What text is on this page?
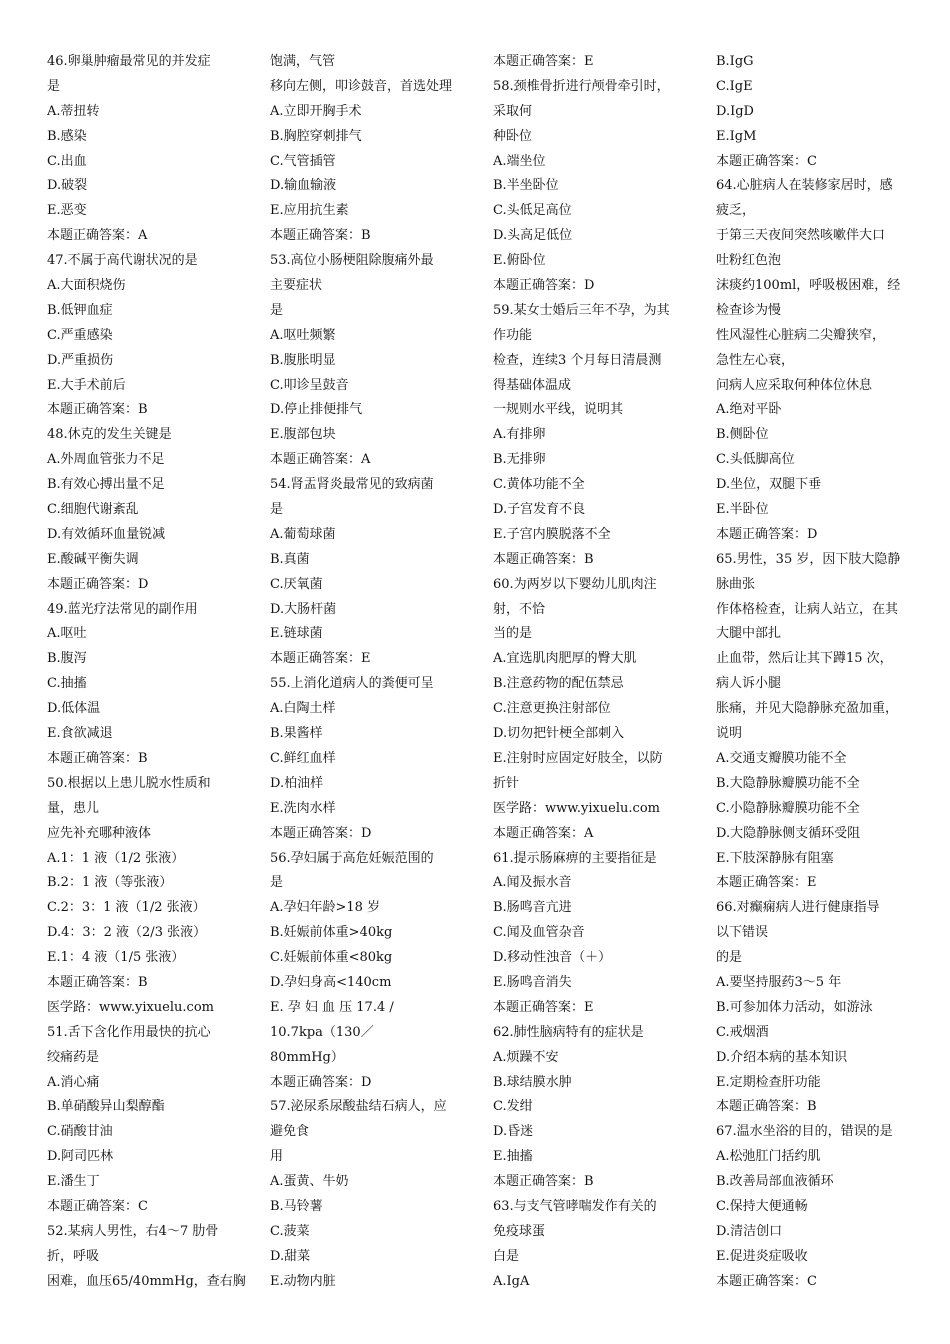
46.卵巢肿瘤最常见的并发症
是
A.蒂扭转
B.感染
C.出血
D.破裂
E.恶变
本题正确答案：A
47.不属于高代谢状况的是
A.大面积烧伤
B.低钾血症
C.严重感染
D.严重损伤
E.大手术前后
本题正确答案：B
48.休克的发生关键是
A.外周血管张力不足
B.有效心搏出量不足
C.细胞代谢紊乱
D.有效循环血量锐减
E.酸碱平衡失调
本题正确答案：D
49.蓝光疗法常见的副作用
A.呕吐
B.腹泻
C.抽搐
D.低体温
E.食欲减退
本题正确答案：B
50.根据以上患儿脱水性质和
量，患儿
应先补充哪种液体
A.1：1 液（1/2 张液）
B.2：1 液（等张液）
C.2：3：1 液（1/2 张液）
D.4：3：2 液（2/3 张液）
E.1：4 液（1/5 张液）
本题正确答案：B
医学路：www.yixuelu.com
51.舌下含化作用最快的抗心
绞痛药是
A.消心痛
B.单硝酸异山梨醇酯
C.硝酸甘油
D.阿司匹林
E.潘生丁
本题正确答案：C
52.某病人男性，右4～7 肋骨
折，呼吸
困难，血压65/40mmHg，查右胸
饱满，气管
移向左侧，叩诊鼓音，首选处理
A.立即开胸手术
B.胸腔穿刺排气
C.气管插管
D.输血输液
E.应用抗生素
本题正确答案：B
53.高位小肠梗阻除腹痛外最
主要症状
是
A.呕吐频繁
B.腹胀明显
C.叩诊呈鼓音
D.停止排便排气
E.腹部包块
本题正确答案：A
54.肾盂肾炎最常见的致病菌
是
A.葡萄球菌
B.真菌
C.厌氧菌
D.大肠杆菌
E.链球菌
本题正确答案：E
55.上消化道病人的粪便可呈
A.白陶土样
B.果酱样
C.鲜红血样
D.柏油样
E.洗肉水样
本题正确答案：D
56.孕妇属于高危妊娠范围的
是
A.孕妇年龄>18 岁
B.妊娠前体重>40kg
C.妊娠前体重<80kg
D.孕妇身高<140cm
E. 孕 妇 血 压 17.4 /
10.7kpa（130／
80mmHg）
本题正确答案：D
57.泌尿系尿酸盐结石病人，应
避免食
用
A.蛋黄、牛奶
B.马铃薯
C.菠菜
D.甜菜
E.动物内脏
本题正确答案：E
58.颈椎骨折进行颅骨牵引时，
采取何
种卧位
A.端坐位
B.半坐卧位
C.头低足高位
D.头高足低位
E.俯卧位
本题正确答案：D
59.某女士婚后三年不孕，为其
作功能
检查，连续3 个月每日清晨测
得基础体温成
一规则水平线，说明其
A.有排卵
B.无排卵
C.黄体功能不全
D.子宫发育不良
E.子宫内膜脱落不全
本题正确答案：B
60.为两岁以下婴幼儿肌肉注
射，不恰
当的是
A.宜选肌肉肥厚的臀大肌
B.注意药物的配伍禁忌
C.注意更换注射部位
D.切勿把针梗全部刺入
E.注射时应固定好肢全，以防
折针
医学路：www.yixuelu.com
本题正确答案：A
61.提示肠麻痹的主要指征是
A.闻及振水音
B.肠鸣音亢进
C.闻及血管杂音
D.移动性浊音（＋）
E.肠鸣音消失
本题正确答案：E
62.肺性脑病特有的症状是
A.烦躁不安
B.球结膜水肿
C.发绀
D.昏迷
E.抽搐
本题正确答案：B
63.与支气管哮喘发作有关的
免疫球蛋
白是
A.IgA
B.IgG
C.IgE
D.IgD
E.IgM
本题正确答案：C
64.心脏病人在装修家居时，感
疲乏，
于第三天夜间突然咳嗽伴大口
吐粉红色泡
沫痰约100ml，呼吸极困难，经
检查诊为慢
性风湿性心脏病二尖瓣狭窄，
急性左心衰，
问病人应采取何种体位休息
A.绝对平卧
B.侧卧位
C.头低脚高位
D.坐位，双腿下垂
E.半卧位
本题正确答案：D
65.男性，35 岁，因下肢大隐静
脉曲张
作体格检查，让病人站立，在其
大腿中部扎
止血带，然后让其下蹲15 次，
病人诉小腿
胀痛，并见大隐静脉充盈加重，
说明
A.交通支瓣膜功能不全
B.大隐静脉瓣膜功能不全
C.小隐静脉瓣膜功能不全
D.大隐静脉侧支循环受阻
E.下肢深静脉有阻塞
本题正确答案：E
66.对癫痫病人进行健康指导
以下错误
的是
A.要坚持服药3～5 年
B.可参加体力活动，如游泳
C.戒烟酒
D.介绍本病的基本知识
E.定期检查肝功能
本题正确答案：B
67.温水坐浴的目的，错误的是
A.松弛肛门括约肌
B.改善局部血液循环
C.保持大便通畅
D.清洁创口
E.促进炎症吸收
本题正确答案：C
